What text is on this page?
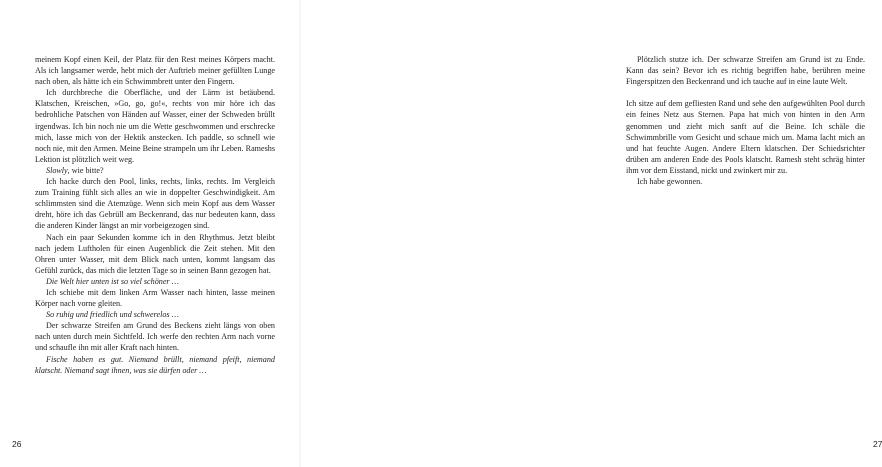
meinem Kopf einen Keil, der Platz für den Rest meines Körpers macht. Als ich langsamer werde, hebt mich der Auftrieb meiner gefüllten Lunge nach oben, als hätte ich ein Schwimmbrett unter den Fingern.

Ich durchbreche die Oberfläche, und der Lärm ist betäubend. Klatschen, Kreischen, »Go, go, go!«, rechts von mir höre ich das bedrohliche Patschen von Händen auf Wasser, einer der Schweden brüllt irgendwas. Ich bin noch nie um die Wette geschwommen und erschrecke mich, lasse mich von der Hektik anstecken. Ich paddle, so schnell wie noch nie, mit den Armen. Meine Beine strampeln um ihr Leben. Rameshs Lektion ist plötzlich weit weg.

Slowly, wie bitte?

Ich hacke durch den Pool, links, rechts, links, rechts. Im Vergleich zum Training fühlt sich alles an wie in doppelter Geschwindigkeit. Am schlimmsten sind die Atemzüge. Wenn sich mein Kopf aus dem Wasser dreht, höre ich das Gebrüll am Beckenrand, das nur bedeuten kann, dass die anderen Kinder längst an mir vorbeigezogen sind.

Nach ein paar Sekunden komme ich in den Rhythmus. Jetzt bleibt nach jedem Luftholen für einen Augenblick die Zeit stehen. Mit den Ohren unter Wasser, mit dem Blick nach unten, kommt langsam das Gefühl zurück, das mich die letzten Tage so in seinen Bann gezogen hat.

Die Welt hier unten ist so viel schöner …

Ich schiebe mit dem linken Arm Wasser nach hinten, lasse meinen Körper nach vorne gleiten.

So ruhig und friedlich und schwerelos …

Der schwarze Streifen am Grund des Beckens zieht längs von oben nach unten durch mein Sichtfeld. Ich werfe den rechten Arm nach vorne und schaufle ihn mit aller Kraft nach hinten.

Fische haben es gut. Niemand brüllt, niemand pfeift, niemand klatscht. Niemand sagt ihnen, was sie dürfen oder …

26

Plötzlich stutze ich. Der schwarze Streifen am Grund ist zu Ende. Kann das sein? Bevor ich es richtig begriffen habe, berühren meine Fingerspitzen den Beckenrand und ich tauche auf in eine laute Welt.

Ich sitze auf dem gefliesten Rand und sehe den aufgewühlten Pool durch ein feines Netz aus Sternen. Papa hat mich von hinten in den Arm genommen und zieht mich sanft auf die Beine. Ich schäle die Schwimmbrille vom Gesicht und schaue mich um. Mama lacht mich an und hat feuchte Augen. Andere Eltern klatschen. Der Schiedsrichter drüben am anderen Ende des Pools klatscht. Ramesh steht schräg hinter ihm vor dem Eisstand, nickt und zwinkert mir zu.

Ich habe gewonnen.

27
